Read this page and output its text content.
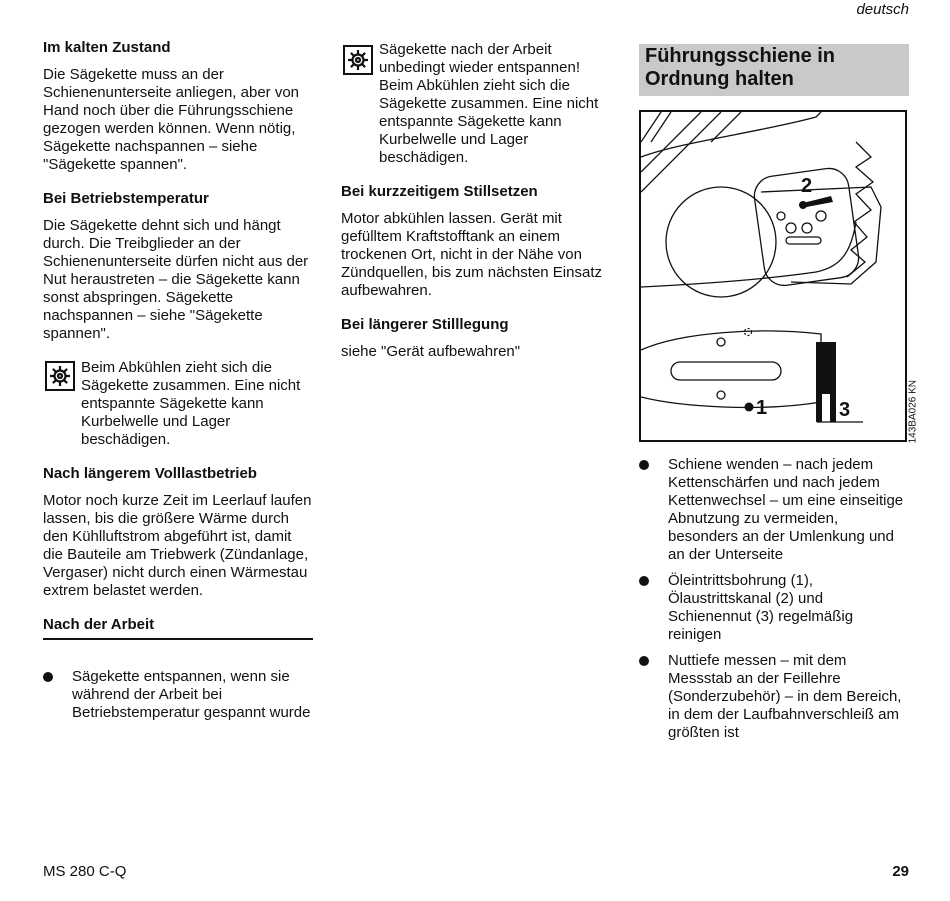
deutsch
Im kalten Zustand

Die Sägekette muss an der Schienenunterseite anliegen, aber von Hand noch über die Führungsschiene gezogen werden können. Wenn nötig, Sägekette nachspannen – siehe "Sägekette spannen".

Bei Betriebstemperatur

Die Sägekette dehnt sich und hängt durch. Die Treibglieder an der Schienenunterseite dürfen nicht aus der Nut heraustreten – die Sägekette kann sonst abspringen. Sägekette nachspannen – siehe "Sägekette spannen".

Beim Abkühlen zieht sich die Sägekette zusammen. Eine nicht entspannte Sägekette kann Kurbelwelle und Lager beschädigen.
Nach längerem Volllastbetrieb

Motor noch kurze Zeit im Leerlauf laufen lassen, bis die größere Wärme durch den Kühlluftstrom abgeführt ist, damit die Bauteile am Triebwerk (Zündanlage, Vergaser) nicht durch einen Wärmestau extrem belastet werden.

Nach der Arbeit
Sägekette entspannen, wenn sie während der Arbeit bei Betriebstemperatur gespannt wurde
Sägekette nach der Arbeit unbedingt wieder entspannen! Beim Abkühlen zieht sich die Sägekette zusammen. Eine nicht entspannte Sägekette kann Kurbelwelle und Lager beschädigen.
Bei kurzzeitigem Stillsetzen

Motor abkühlen lassen. Gerät mit gefülltem Kraftstofftank an einem trockenen Ort, nicht in der Nähe von Zündquellen, bis zum nächsten Einsatz aufbewahren.

Bei längerer Stilllegung

siehe "Gerät aufbewahren"

Führungsschiene in Ordnung halten
2
1	3	143BA026 KN
Schiene wenden – nach jedem Kettenschärfen und nach jedem Kettenwechsel – um eine einseitige Abnutzung zu vermeiden, besonders an der Umlenkung und an der Unterseite
Öleintrittsbohrung (1), Ölaustrittskanal (2) und Schienennut (3) regelmäßig reinigen
Nuttiefe messen – mit dem Messstab an der Feillehre (Sonderzubehör) – in dem Bereich, in dem der Laufbahnverschleiß am größten ist
MS 280 C-Q	29
